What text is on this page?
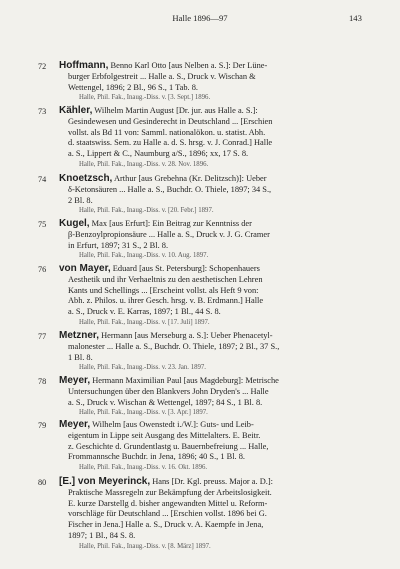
Halle 1896—97	143
72 Hoffmann, Benno Karl Otto [aus Nelben a. S.]: Der Lüne-
burger Erbfolgestreit ... Halle a. S., Druck v. Wischan &
Wettengel, 1896; 2 Bl., 96 S., 1 Tab. 8.
Halle, Phil. Fak., Inaug.-Diss. v. [3. Sept.] 1896.
73 Kähler, Wilhelm Martin August [Dr. jur. aus Halle a. S.]:
Gesindewesen und Gesinderecht in Deutschland ... [Erschien
vollst. als Bd 11 von: Samml. nationalökon. u. statist. Abh.
d. staatswiss. Sem. zu Halle a. d. S. hrsg. v. J. Conrad.] Halle
a. S., Lippert & C., Naumburg a/S., 1896; xx, 17 S. 8.
Halle, Phil. Fak., Inaug.-Diss. v. 28. Nov. 1896.
74 Knoetzsch, Arthur [aus Grebehna (Kr. Delitzsch)]: Ueber
δ-Ketonsäuren ... Halle a. S., Buchdr. O. Thiele, 1897; 34 S.,
2 Bl. 8.
Halle, Phil. Fak., Inaug.-Diss. v. [20. Febr.] 1897.
75 Kugel, Max [aus Erfurt]: Ein Beitrag zur Kenntniss der
β-Benzoylpropionsäure ... Halle a. S., Druck v. J. G. Cramer
in Erfurt, 1897; 31 S., 2 Bl. 8.
Halle, Phil. Fak., Inaug.-Diss. v. 10. Aug. 1897.
76 von Mayer, Eduard [aus St. Petersburg]: Schopenhauers
Aesthetik und ihr Verhaeltnis zu den aesthetischen Lehren
Kants und Schellings ... [Erscheint vollst. als Heft 9 von:
Abh. z. Philos. u. ihrer Gesch. hrsg. v. B. Erdmann.] Halle
a. S., Druck v. E. Karras, 1897; 1 Bl., 44 S. 8.
Halle, Phil. Fak., Inaug.-Diss. v. [17. Juli] 1897.
77 Metzner, Hermann [aus Merseburg a. S.]: Ueber Phenacetyl-
malonester ... Halle a. S., Buchdr. O. Thiele, 1897; 2 Bl., 37 S.,
1 Bl. 8.
Halle, Phil. Fak., Inaug.-Diss. v. 23. Jan. 1897.
78 Meyer, Hermann Maximilian Paul [aus Magdeburg]: Metrische
Untersuchungen über den Blankvers John Dryden's ... Halle
a. S., Druck v. Wischan & Wettengel, 1897; 84 S., 1 Bl. 8.
Halle, Phil. Fak., Inaug.-Diss. v. [3. Apr.] 1897.
79 Meyer, Wilhelm [aus Owenstedt i./W.]: Guts- und Leib-
eigentum in Lippe seit Ausgang des Mittelalters. E. Beitr.
z. Geschichte d. Grundentlastg u. Bauernbefreiung ... Halle,
Frommannsche Buchdr. in Jena, 1896; 40 S., 1 Bl. 8.
Halle, Phil. Fak., Inaug.-Diss. v. 16. Okt. 1896.
80 [E.] von Meyerinck, Hans [Dr. Kgl. preuss. Major a. D.]:
Praktische Massregeln zur Bekämpfung der Arbeitslosigkeit.
E. kurze Darstellg d. bisher angewandten Mittel u. Reform-
vorschläge für Deutschland ... [Erschien vollst. 1896 bei G.
Fischer in Jena.] Halle a. S., Druck v. A. Kaempfe in Jena,
1897; 1 Bl., 84 S. 8.
Halle, Phil. Fak., Inaug.-Diss. v. [8. März] 1897.
